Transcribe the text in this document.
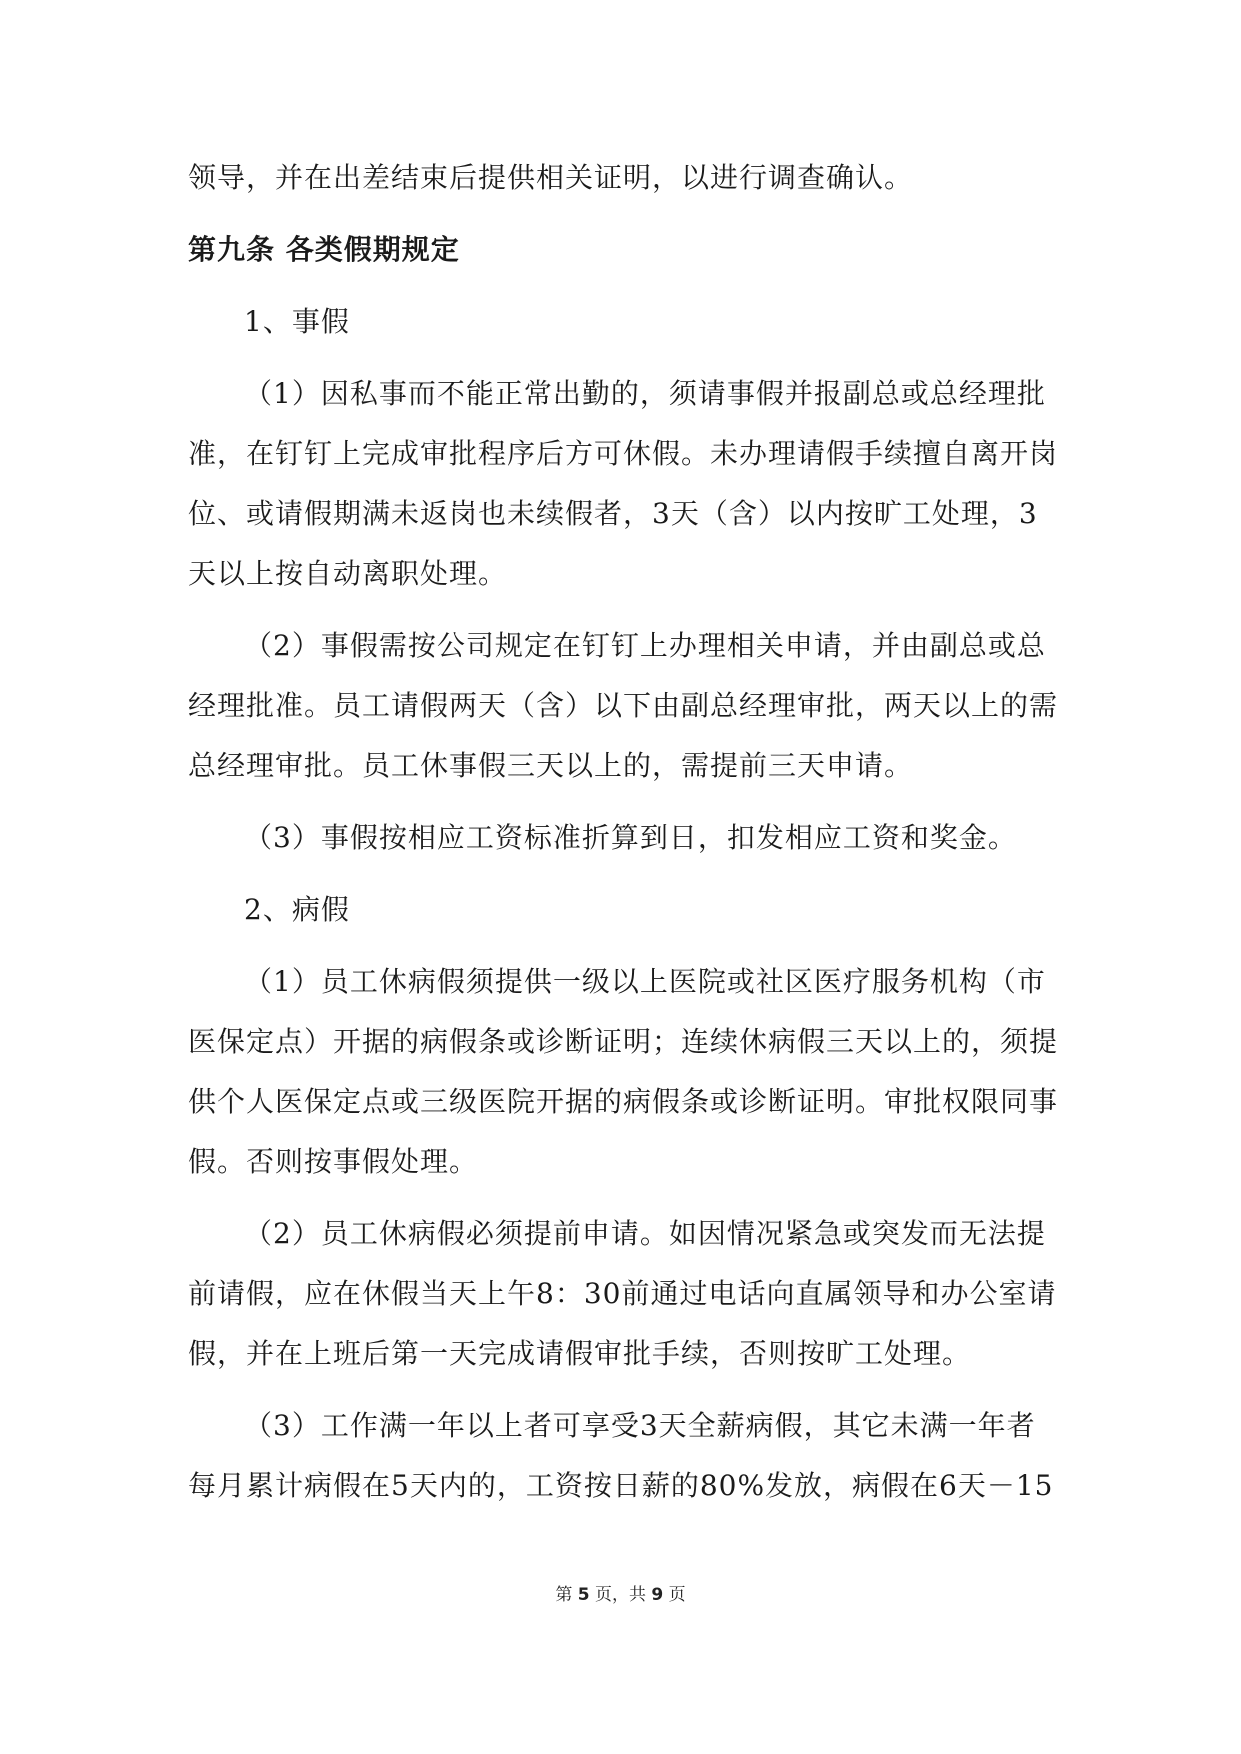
领导，并在出差结束后提供相关证明，以进行调查确认。

第九条 各类假期规定

1、事假

（1）因私事而不能正常出勤的，须请事假并报副总或总经理批

准，在钉钉上完成审批程序后方可休假。未办理请假手续擅自离开岗

位、或请假期满未返岗也未续假者，3天（含）以内按旷工处理，3

天以上按自动离职处理。

（2）事假需按公司规定在钉钉上办理相关申请，并由副总或总

经理批准。员工请假两天（含）以下由副总经理审批，两天以上的需

总经理审批。员工休事假三天以上的，需提前三天申请。

（3）事假按相应工资标准折算到日，扣发相应工资和奖金。

2、病假

（1）员工休病假须提供一级以上医院或社区医疗服务机构（市

医保定点）开据的病假条或诊断证明；连续休病假三天以上的，须提

供个人医保定点或三级医院开据的病假条或诊断证明。审批权限同事

假。否则按事假处理。

（2）员工休病假必须提前申请。如因情况紧急或突发而无法提

前请假，应在休假当天上午8：30前通过电话向直属领导和办公室请

假，并在上班后第一天完成请假审批手续，否则按旷工处理。

（3）工作满一年以上者可享受3天全薪病假，其它未满一年者

每月累计病假在5天内的，工资按日薪的80%发放，病假在6天－15

第 5 页，共 9 页
